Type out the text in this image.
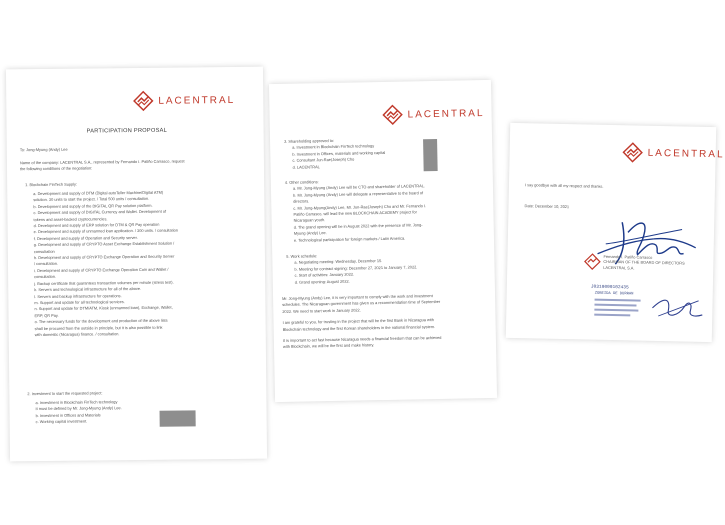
LACENTRAL
PARTICIPATION PROPOSAL
To: Jong-Myung (Andy) Lee
Name of the company: LACENTRAL S.A., represented by Fernando I. Patiño Carrasco, request
the following conditions of the negotiation:
1. Blockchain FinTech Supply:
a. Development and supply of DTM (Digital autoTeller Machine/Digital ATM)
solution. 30 units to start the project. / Total 500 units / consultation.
b. Development and supply of the DIGITAL QR Pay solution platform.
c. Development and supply of DIGITAL Currency and Wallet. Development of
tokens and asset-backed cryptocurrencies.
d. Development and supply of ERP solution for DTM & QR Pay operation
e. Development and supply of unmanned loan application. / 300 units. / consultation
f. Development and supply of Operation and Security server.
g. Development and supply of CRYPTO Asset Exchange Establishment Solution /
consultation
h. Development and supply of CRYPTO Exchange Operation and Security Server
/ consultation.
i. Development and supply of CRYPTO Exchange Operation Coin and Wallet /
consultation.
j. Backup certificate that guarantees transaction volumes per minute (stress test).
k. Servers and technological infrastructure for all of the above.
l. Servers and backup infrastructure for operations.
m. Support and update for all technological services.
n. Support and update for DTM/ATM, Kiosk (unmanned loan), Exchange, Wallet,
ERP, QR Pay.
o. The necessary funds for the development and production of the above lists
shall be procured from the outside in principle, but it is also possible to link
with domestic (Nicaragua) finance. / consultation.
2. Investment to start the requested project:
a. Investment in Blockchain FinTech technology
It must be defined by Mr. Jong-Myung (Andy) Lee.
b. Investment in Offices and Materials
c. Working capital investment.
LACENTRAL
3. Shareholding approved to:
a. Investment in Blockchain FinTech technology
b. Investment in Offices, materials and working capital
c. Consultant Jun-Rae(Joseph) Cho
d. LACENTRAL
4. Other conditions:
a. Mr. Jong-Myung (Andy) Lee will be CTO and shareholder of LACENTRAL.
b. Mr. Jong-Myung (Andy) Lee will delegate a representative to the board of
directors.
c. Mr. Jong-Myung(Andy) Lee, Mr. Jun-Rae(Joseph) Cho and Mr. Fernando I.
Patiño Carrasco, will lead the new BLOCKCHAIN ACADEMY project for
Nicaraguan youth.
d. The grand opening will be in August 2022 with the presence of Mr. Jong-
Myung (Andy) Lee.
e. Technological participation for foreign markets / Latin America.
5. Work schedule:
a. Negotiating meeting: Wednesday, December 15.
b. Meeting for contract signing: December 27, 2021 to January 7, 2022.
c. Start of activities: January 2022.
d. Grand opening: August 2022.
Mr. Jong-Myung (Andy) Lee, it is very important to comply with the work and investment
schedules. The Nicaraguan government has given us a recommendation time of September
2022. We need to start work in January 2022.
I am grateful to you, for trusting in the project that will be the first Bank in Nicaragua with
Blockchain technology and the first Korean shareholders in the national financial system.
It is important to act fast because Nicaragua needs a financial freedom that can be achieved
with Blockchain, we will be the first and make history.
LACENTRAL
I say goodbye with all my respect and thanks.
Date: December 10, 2021
Fernando I. Patiño Carrasco
CHAIRMAN OF THE BOARD OF DIRECTORS
LACENTRAL S.A.
J0310000102435
ZOBEIDA DE DURRAN
